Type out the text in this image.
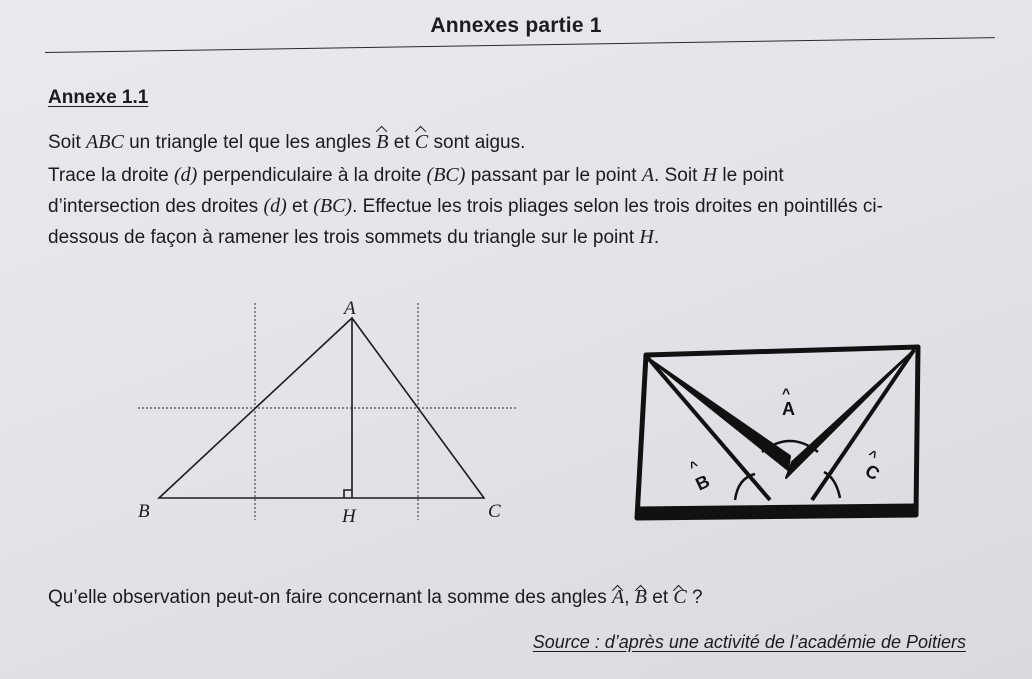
Annexes partie 1
Annexe 1.1
Soit ABC un triangle tel que les angles B et C sont aigus.
Trace la droite (d) perpendiculaire à la droite (BC) passant par le point A. Soit H le point
d’intersection des droites (d) et (BC). Effectue les trois pliages selon les trois droites en pointillés ci-
dessous de façon à ramener les trois sommets du triangle sur le point H.
A
B	C
H
A
^
B
^	C
^
Qu’elle observation peut-on faire concernant la somme des angles A, B et C ?
Source : d’après une activité de l’académie de Poitiers
